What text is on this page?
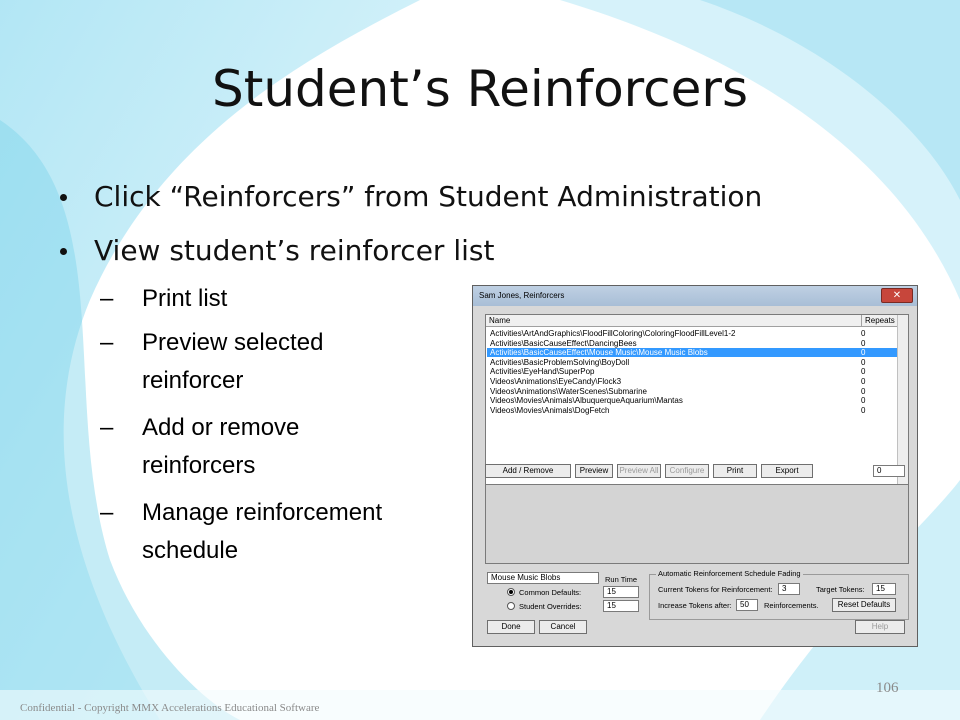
Student’s Reinforcers
Click “Reinforcers” from Student Administration
View student’s reinforcer list
– Print list
– Preview selected reinforcer
– Add or remove reinforcers
– Manage reinforcement schedule
Sam Jones, Reinforcers	✕
Name	Repeats
Activities\ArtAndGraphics\FloodFillColoring\ColoringFloodFillLevel1-2	0
Activities\BasicCauseEffect\DancingBees	0
Activities\BasicCauseEffect\Mouse Music\Mouse Music Blobs	0
Activities\BasicProblemSolving\BoyDoll	0
Activities\EyeHand\SuperPop	0
Videos\Animations\EyeCandy\Flock3	0
Videos\Animations\WaterScenes\Submarine	0
Videos\Movies\Animals\AlbuquerqueAquarium\Mantas	0
Videos\Movies\Animals\DogFetch	0
Add / Remove	Preview	Preview All	Configure	Print	Export	0
Mouse Music Blobs	Run Time
Common Defaults:	15
Student Overrides:	15
Automatic Reinforcement Schedule Fading
Current Tokens for Reinforcement:	3	Target Tokens:	15
Increase Tokens after:	50	Reinforcements.	Reset Defaults
Done	Cancel	Help
106
Confidential - Copyright MMX Accelerations Educational Software
